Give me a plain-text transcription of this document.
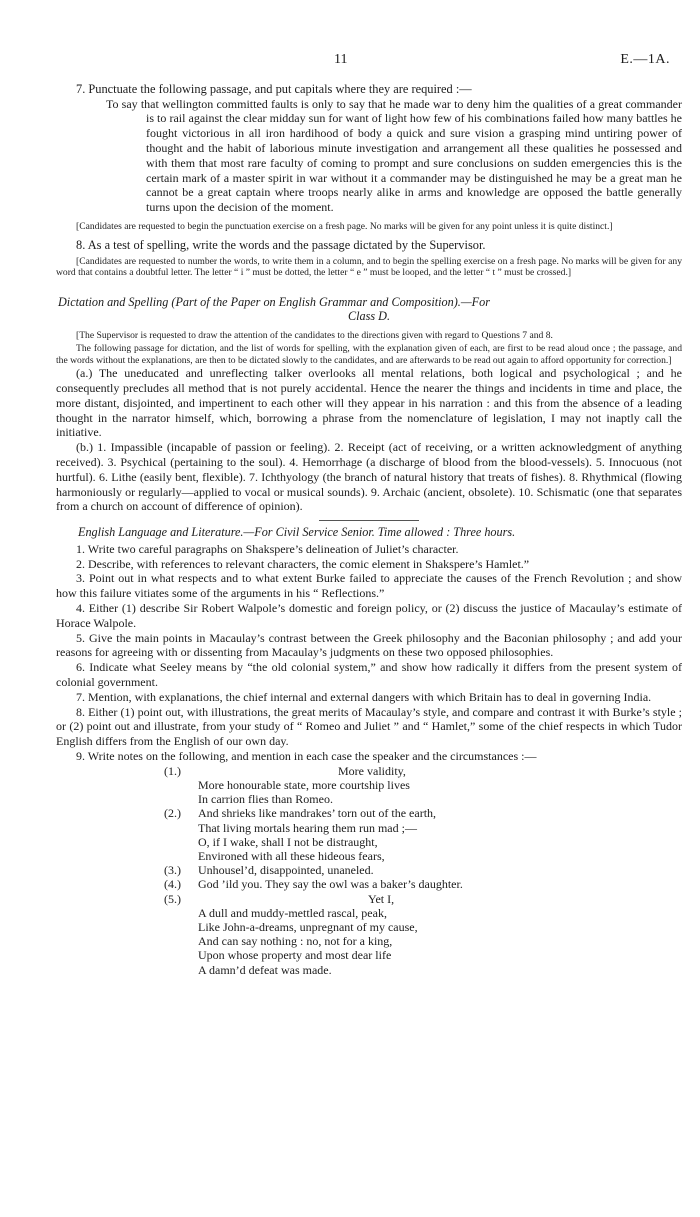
11	E.—1A.

7. Punctuate the following passage, and put capitals where they are required :—

To say that wellington committed faults is only to say that he made war to deny him the qualities of a great commander is to rail against the clear midday sun for want of light how few of his combinations failed how many battles he fought victorious in all iron hardihood of body a quick and sure vision a grasping mind untiring power of thought and the habit of laborious minute investigation and arrangement all these qualities he possessed and with them that most rare faculty of coming to prompt and sure conclusions on sudden emergencies this is the certain mark of a master spirit in war without it a commander may be distinguished he may be a great man he cannot be a great captain where troops nearly alike in arms and knowledge are opposed the battle generally turns upon the decision of the moment.

[Candidates are requested to begin the punctuation exercise on a fresh page. No marks will be given for any point unless it is quite distinct.]

8. As a test of spelling, write the words and the passage dictated by the Supervisor.

[Candidates are requested to number the words, to write them in a column, and to begin the spelling exercise on a fresh page. No marks will be given for any word that contains a doubtful letter. The letter “ i ” must be dotted, the letter “ e ” must be looped, and the letter “ t ” must be crossed.]

Dictation and Spelling (Part of the Paper on English Grammar and Composition).—For
Class D.

[The Supervisor is requested to draw the attention of the candidates to the directions given with regard to Questions 7 and 8.

The following passage for dictation, and the list of words for spelling, with the explanation given of each, are first to be read aloud once ; the passage, and the words without the explanations, are then to be dictated slowly to the candidates, and are afterwards to be read out again to afford opportunity for correction.]

(a.) The uneducated and unreflecting talker overlooks all mental relations, both logical and psychological ; and he consequently precludes all method that is not purely accidental. Hence the nearer the things and incidents in time and place, the more distant, disjointed, and impertinent to each other will they appear in his narration : and this from the absence of a leading thought in the narrator himself, which, borrowing a phrase from the nomenclature of legislation, I may not inaptly call the initiative.

(b.) 1. Impassible (incapable of passion or feeling). 2. Receipt (act of receiving, or a written acknowledgment of anything received). 3. Psychical (pertaining to the soul). 4. Hemorrhage (a discharge of blood from the blood-vessels). 5. Innocuous (not hurtful). 6. Lithe (easily bent, flexible). 7. Ichthyology (the branch of natural history that treats of fishes). 8. Rhythmical (flowing harmoniously or regularly—applied to vocal or musical sounds). 9. Archaic (ancient, obsolete). 10. Schismatic (one that separates from a church on account of difference of opinion).

English Language and Literature.—For Civil Service Senior. Time allowed : Three hours.

1. Write two careful paragraphs on Shakspere’s delineation of Juliet’s character.

2. Describe, with references to relevant characters, the comic element in Shakspere’s Hamlet.”

3. Point out in what respects and to what extent Burke failed to appreciate the causes of the French Revolution ; and show how this failure vitiates some of the arguments in his “ Reflections.”

4. Either (1) describe Sir Robert Walpole’s domestic and foreign policy, or (2) discuss the justice of Macaulay’s estimate of Horace Walpole.

5. Give the main points in Macaulay’s contrast between the Greek philosophy and the Baconian philosophy ; and add your reasons for agreeing with or dissenting from Macaulay’s judgments on these two opposed philosophies.

6. Indicate what Seeley means by “the old colonial system,” and show how radically it differs from the present system of colonial government.

7. Mention, with explanations, the chief internal and external dangers with which Britain has to deal in governing India.

8. Either (1) point out, with illustrations, the great merits of Macaulay’s style, and compare and contrast it with Burke’s style ; or (2) point out and illustrate, from your study of “ Romeo and Juliet ” and “ Hamlet,” some of the chief respects in which Tudor English differs from the English of our own day.

9. Write notes on the following, and mention in each case the speaker and the circumstances :—

(1.)	More validity,
More honourable state, more courtship lives
In carrion flies than Romeo.
(2.)	And shrieks like mandrakes’ torn out of the earth,
That living mortals hearing them run mad ;—
O, if I wake, shall I not be distraught,
Environed with all these hideous fears,
(3.)	Unhousel’d, disappointed, unaneled.
(4.)	God ’ild you. They say the owl was a baker’s daughter.
(5.)	Yet I,
A dull and muddy-mettled rascal, peak,
Like John-a-dreams, unpregnant of my cause,
And can say nothing : no, not for a king,
Upon whose property and most dear life
A damn’d defeat was made.
